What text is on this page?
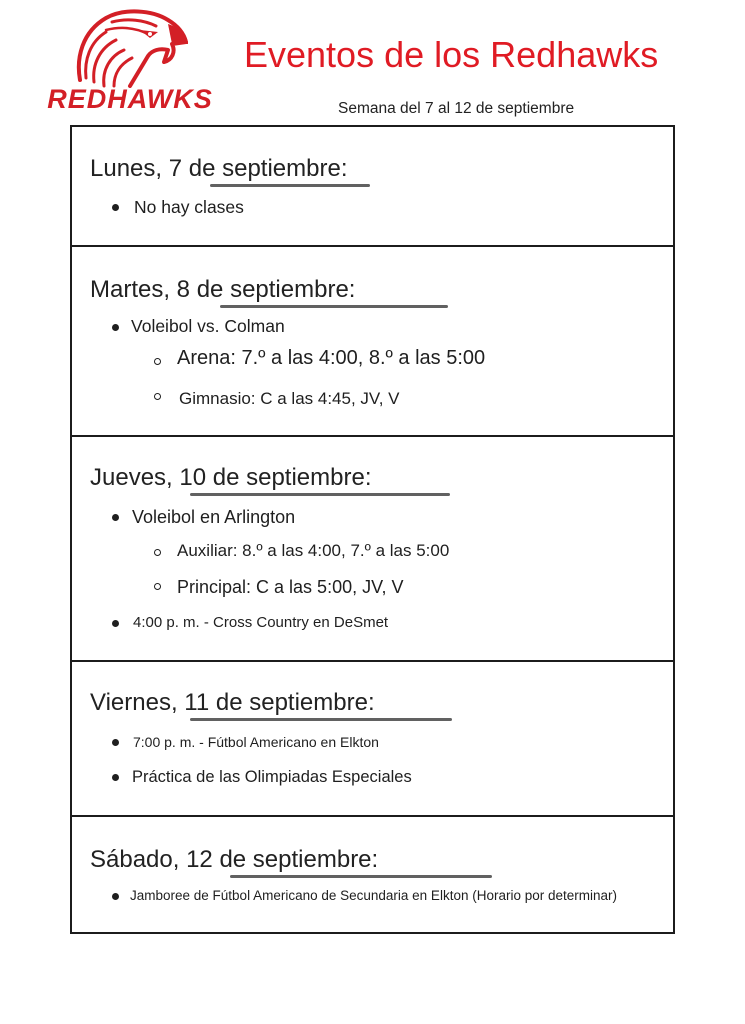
REDHAWKS
Eventos de los Redhawks
Semana del 7 al 12 de septiembre
Lunes, 7 de septiembre:
No hay clases
Martes, 8 de septiembre:
Voleibol vs. Colman
Arena: 7.º a las 4:00, 8.º a las 5:00
Gimnasio: C a las 4:45, JV, V
Jueves, 10 de septiembre:
Voleibol en Arlington
Auxiliar: 8.º a las 4:00, 7.º a las 5:00
Principal: C a las 5:00, JV, V
4:00 p. m. - Cross Country en DeSmet
Viernes, 11 de septiembre:
7:00 p. m. - Fútbol Americano en Elkton
Práctica de las Olimpiadas Especiales
Sábado, 12 de septiembre:
Jamboree de Fútbol Americano de Secundaria en Elkton (Horario por determinar)
